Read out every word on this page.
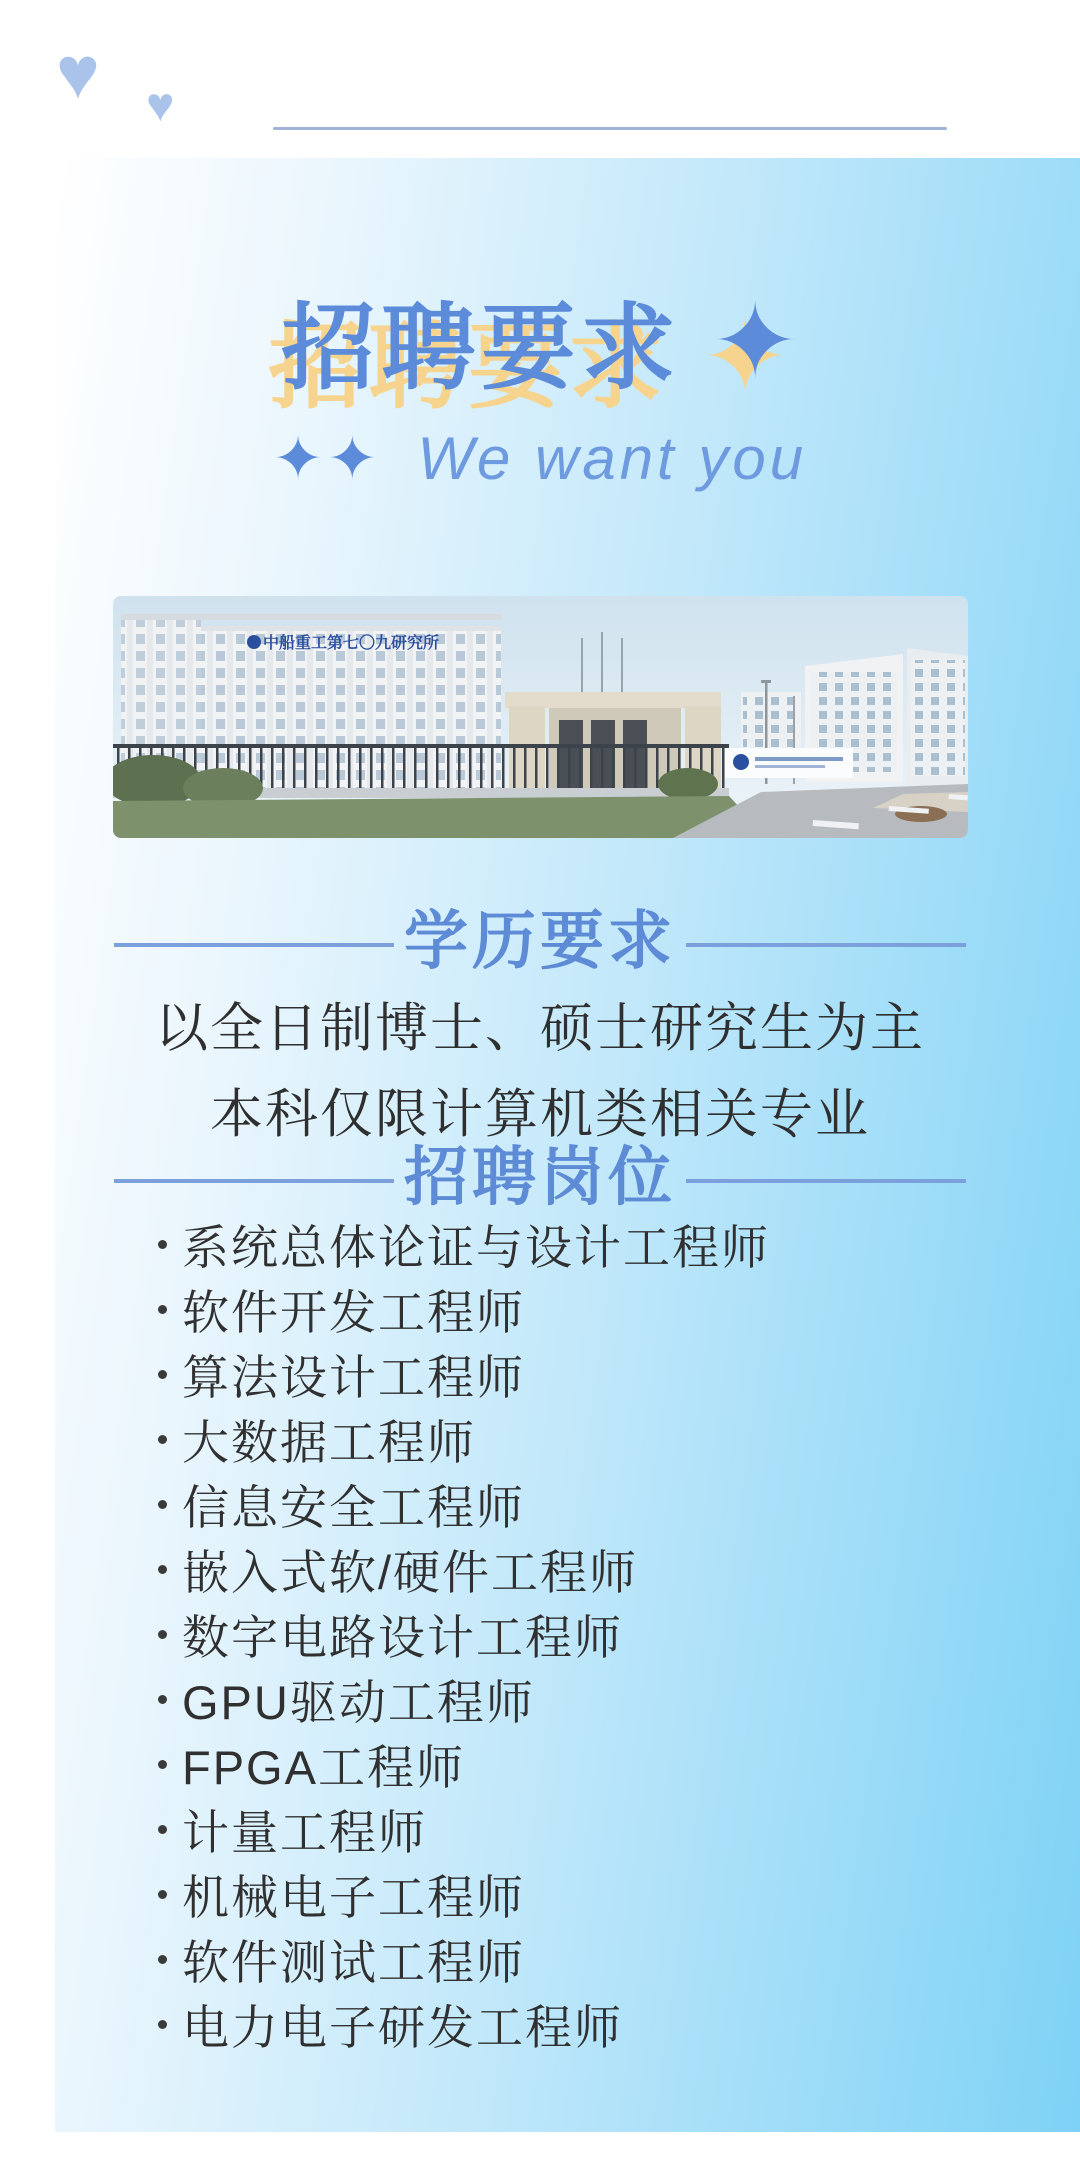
♥ ♥
招聘要求 ✦
✦✦ We want you
中船重工第七〇九研究所
学历要求
以全日制博士、硕士研究生为主
本科仅限计算机类相关专业
招聘岗位
系统总体论证与设计工程师
软件开发工程师
算法设计工程师
大数据工程师
信息安全工程师
嵌入式软/硬件工程师
数字电路设计工程师
GPU驱动工程师
FPGA工程师
计量工程师
机械电子工程师
软件测试工程师
电力电子研发工程师
